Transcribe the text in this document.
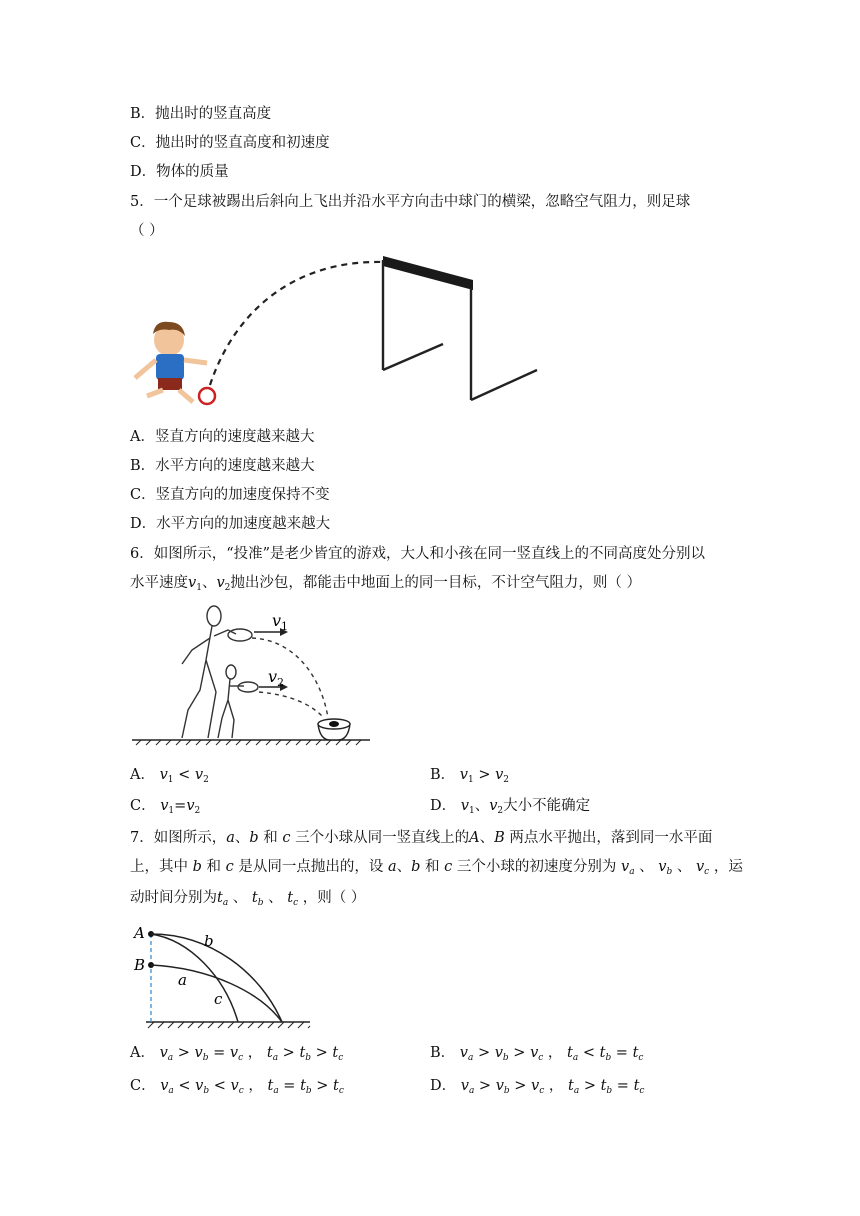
B．抛出时的竖直高度
C．抛出时的竖直高度和初速度
D．物体的质量
5．一个足球被踢出后斜向上飞出并沿水平方向击中球门的横梁，忽略空气阻力，则足球
（ ）
A．竖直方向的速度越来越大
B．水平方向的速度越来越大
C．竖直方向的加速度保持不变
D．水平方向的加速度越来越大
6．如图所示，“投准”是老少皆宜的游戏，大人和小孩在同一竖直线上的不同高度处分别以
水平速度$v_1$、$v_2$抛出沙包，都能击中地面上的同一目标，不计空气阻力，则（ ）
v 1
v 2
A． $v_1 < v_2$	B． $v_1 > v_2$
C． $v_1=v_2$	D． $v_1$、$v_2$大小不能确定
7．如图所示，a、b 和 c 三个小球从同一竖直线上的A、B 两点水平抛出，落到同一水平面
上，其中 b 和 c 是从同一点抛出的，设 a、b 和 c 三个小球的初速度分别为 $v_a$ 、 $v_b$ 、 $v_c$ ，运
动时间分别为$t_a$ 、 $t_b$ 、 $t_c$ ，则（ ）
A
B
b
a
c
A． $v_a > v_b = v_c$ ， $t_a > t_b > t_c$	B． $v_a > v_b > v_c$ ， $t_a < t_b = t_c$
C． $v_a < v_b < v_c$ ， $t_a = t_b > t_c$	D． $v_a > v_b > v_c$ ， $t_a > t_b = t_c$
